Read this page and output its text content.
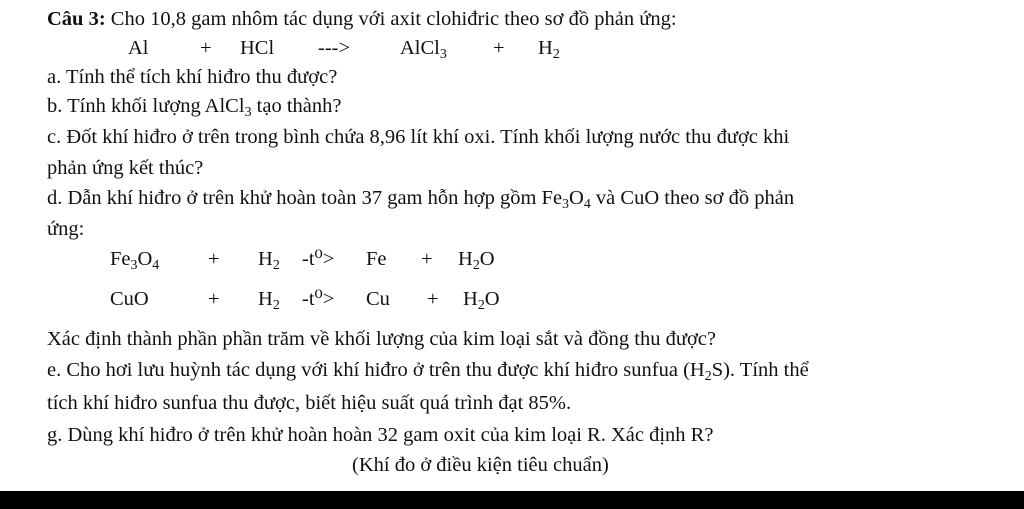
Câu 3: Cho 10,8 gam nhôm tác dụng với axit clohiđric theo sơ đồ phản ứng:
Al	+ HCl ---> AlCl$_3$ + $H_2$
a. Tính thể tích khí hiđro thu được?
b. Tính khối lượng AlCl$_3$ tạo thành?
c. Đốt khí hiđro ở trên trong bình chứa 8,96 lít khí oxi. Tính khối lượng nước thu được khi
phản ứng kết thúc?
d. Dẫn khí hiđro ở trên khử hoàn toàn 37 gam hỗn hợp gồm $Fe_3O_4$ và CuO theo sơ đồ phản
ứng:
$Fe_3O_4 + H_2$ $-t^0> Fe + H_2O$
CuO	+ $H_2$ $-t^0> Cu + H_2O$
Xác định thành phần phần trăm về khối lượng của kim loại sắt và đồng thu được?
e. Cho hơi lưu huỳnh tác dụng với khí hiđro ở trên thu được khí hiđro sunfua $(H_2S)$. Tính thể
tích khí hiđro sunfua thu được, biết hiệu suất quá trình đạt 85%.
g. Dùng khí hiđro ở trên khử hoàn hoàn 32 gam oxit của kim loại R. Xác định R?
(Khí đo ở điều kiện tiêu chuẩn)
